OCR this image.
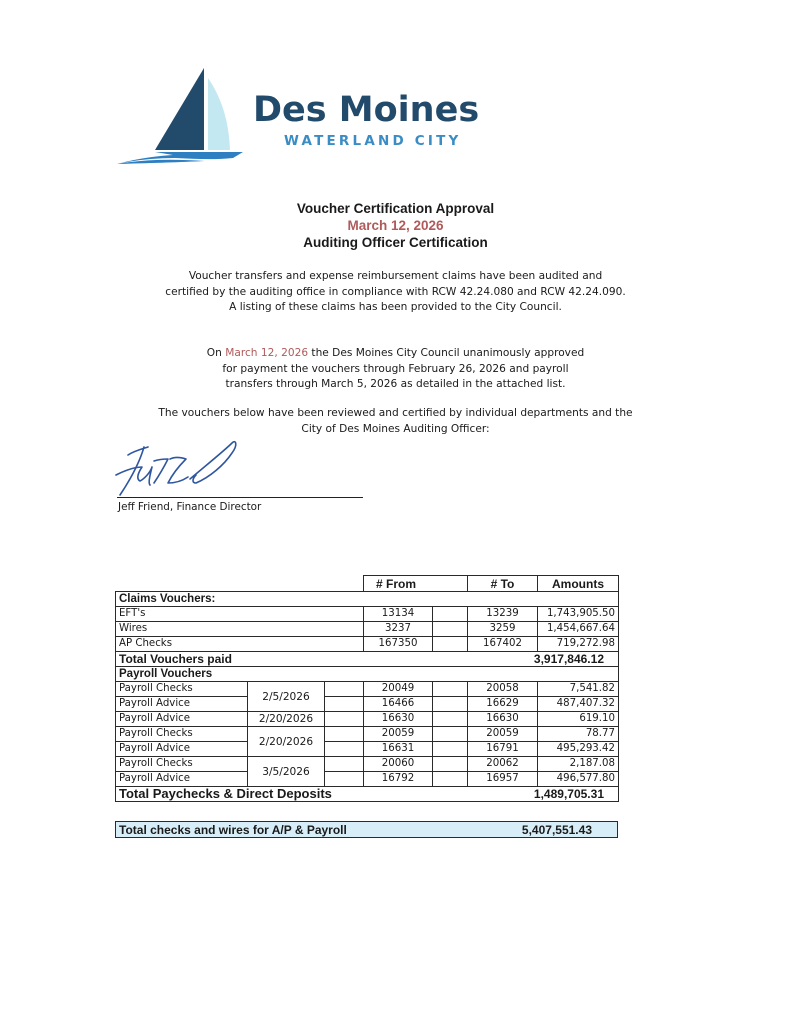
Des Moines
WATERLAND CITY
Voucher Certification Approval
March 12, 2026
Auditing Officer Certification
Voucher transfers and expense reimbursement claims have been audited and
certified by the auditing office in compliance with RCW 42.24.080 and RCW 42.24.090.
A listing of these claims has been provided to the City Council.
On March 12, 2026 the Des Moines City Council unanimously approved
for payment the vouchers through February 26, 2026 and payroll
transfers through March 5, 2026 as detailed in the attached list.
The vouchers below have been reviewed and certified by individual departments and the
City of Des Moines Auditing Officer:
Jeff Friend, Finance Director
			# From		# To	Amounts
Claims Vouchers:						
EFT's			13134		13239	1,743,905.50
Wires			3237		3259	1,454,667.64
AP Checks			167350		167402	719,272.98
Total Vouchers paid					3,917,846.12	
Payroll Vouchers						
Payroll Checks	2/5/2026		20049		20058	7,541.82
Payroll Advice			16466		16629	487,407.32
Payroll Advice	2/20/2026		16630		16630	619.10
Payroll Checks	2/20/2026		20059		20059	78.77
Payroll Advice			16631		16791	495,293.42
Payroll Checks	3/5/2026		20060		20062	2,187.08
Payroll Advice			16792		16957	496,577.80
Total Paychecks & Direct Deposits					1,489,705.31	
Total checks and wires for A/P & Payroll	5,407,551.43
